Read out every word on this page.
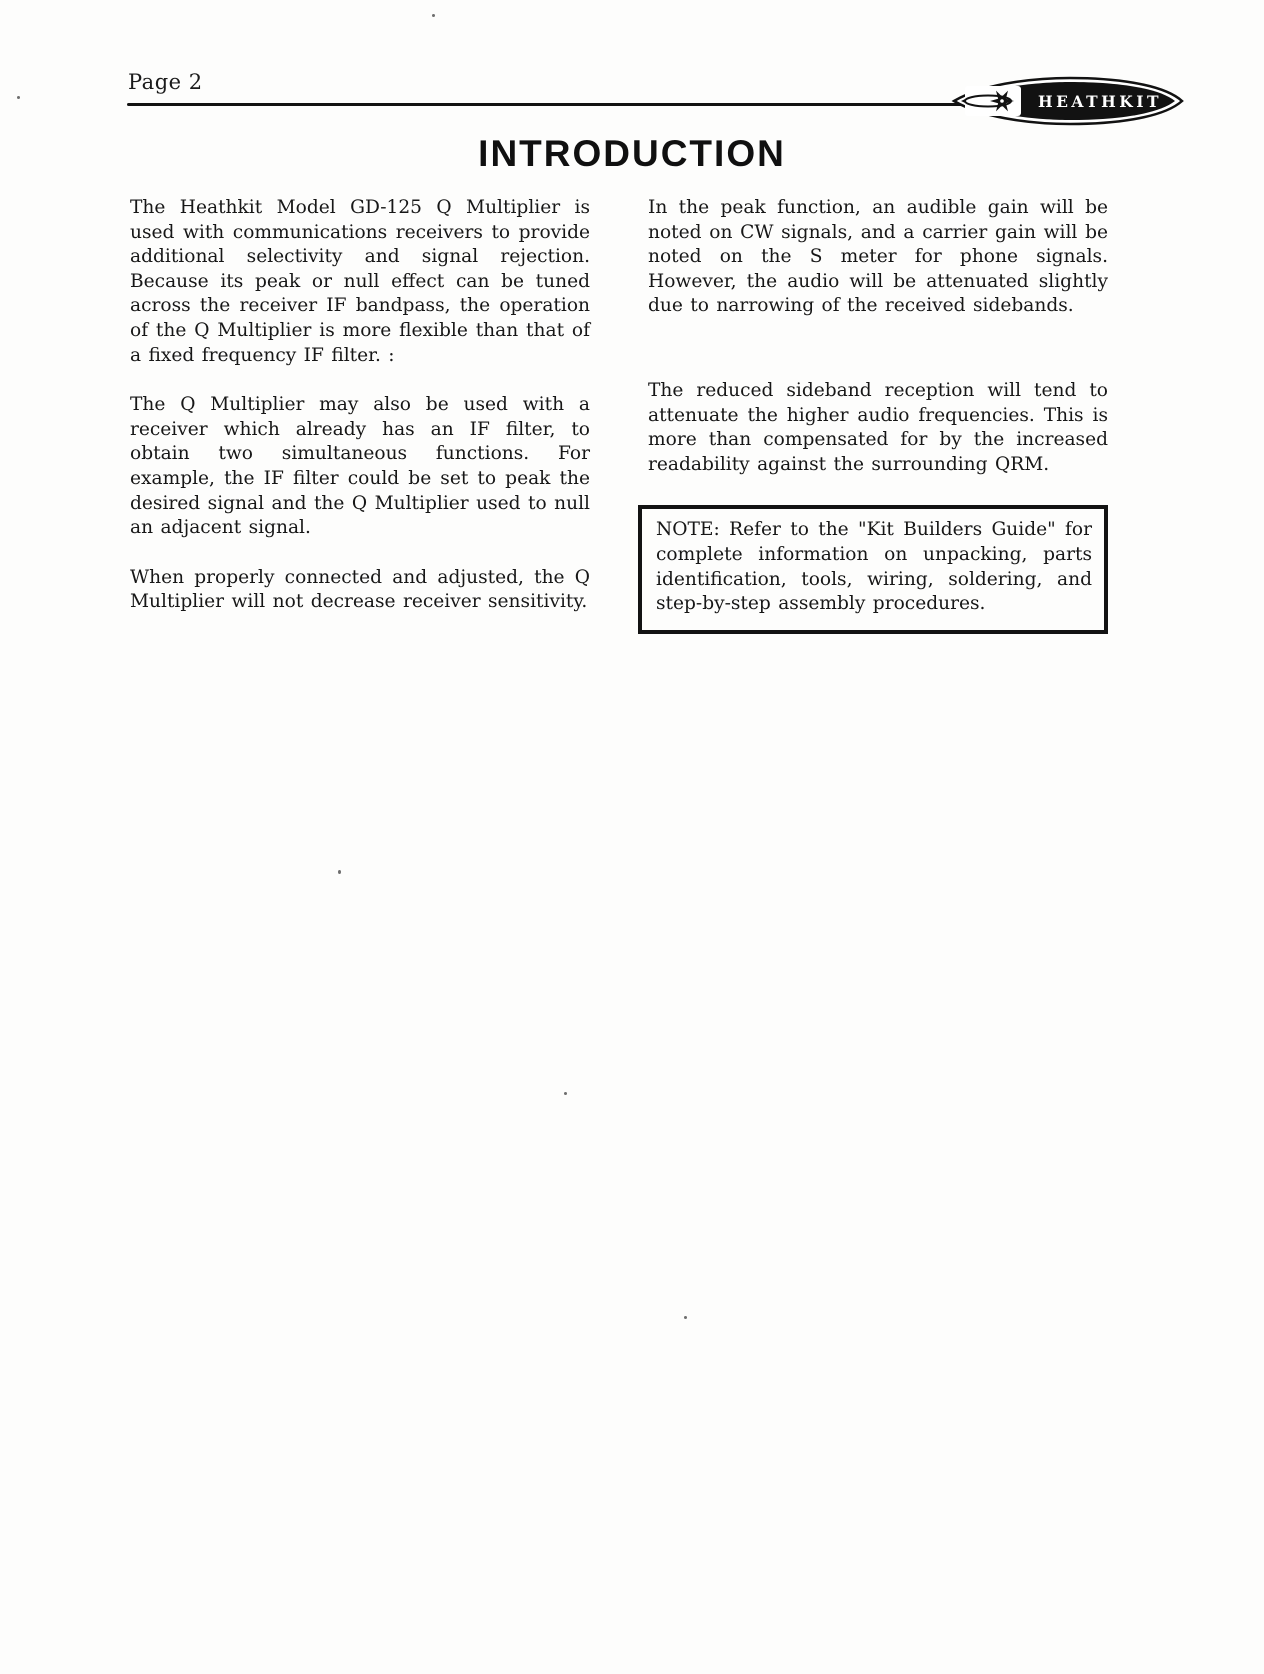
Page 2
HEATHKIT
INTRODUCTION

The Heathkit Model GD-125 Q Multiplier is used with communications receivers to provide additional selectivity and signal rejection. Because its peak or null effect can be tuned across the receiver IF bandpass, the operation of the Q Multiplier is more flexible than that of a fixed frequency IF filter. :

The Q Multiplier may also be used with a receiver which already has an IF filter, to obtain two simultaneous functions. For example, the IF filter could be set to peak the desired signal and the Q Multiplier used to null an adjacent signal.

When properly connected and adjusted, the Q Multiplier will not decrease receiver sensitivity.

In the peak function, an audible gain will be noted on CW signals, and a carrier gain will be noted on the S meter for phone signals. However, the audio will be attenuated slightly due to narrowing of the received sidebands.

The reduced sideband reception will tend to attenuate the higher audio frequencies. This is more than compensated for by the increased readability against the surrounding QRM.

NOTE: Refer to the "Kit Builders Guide" for complete information on unpacking, parts identification, tools, wiring, soldering, and step-by-step assembly procedures.
